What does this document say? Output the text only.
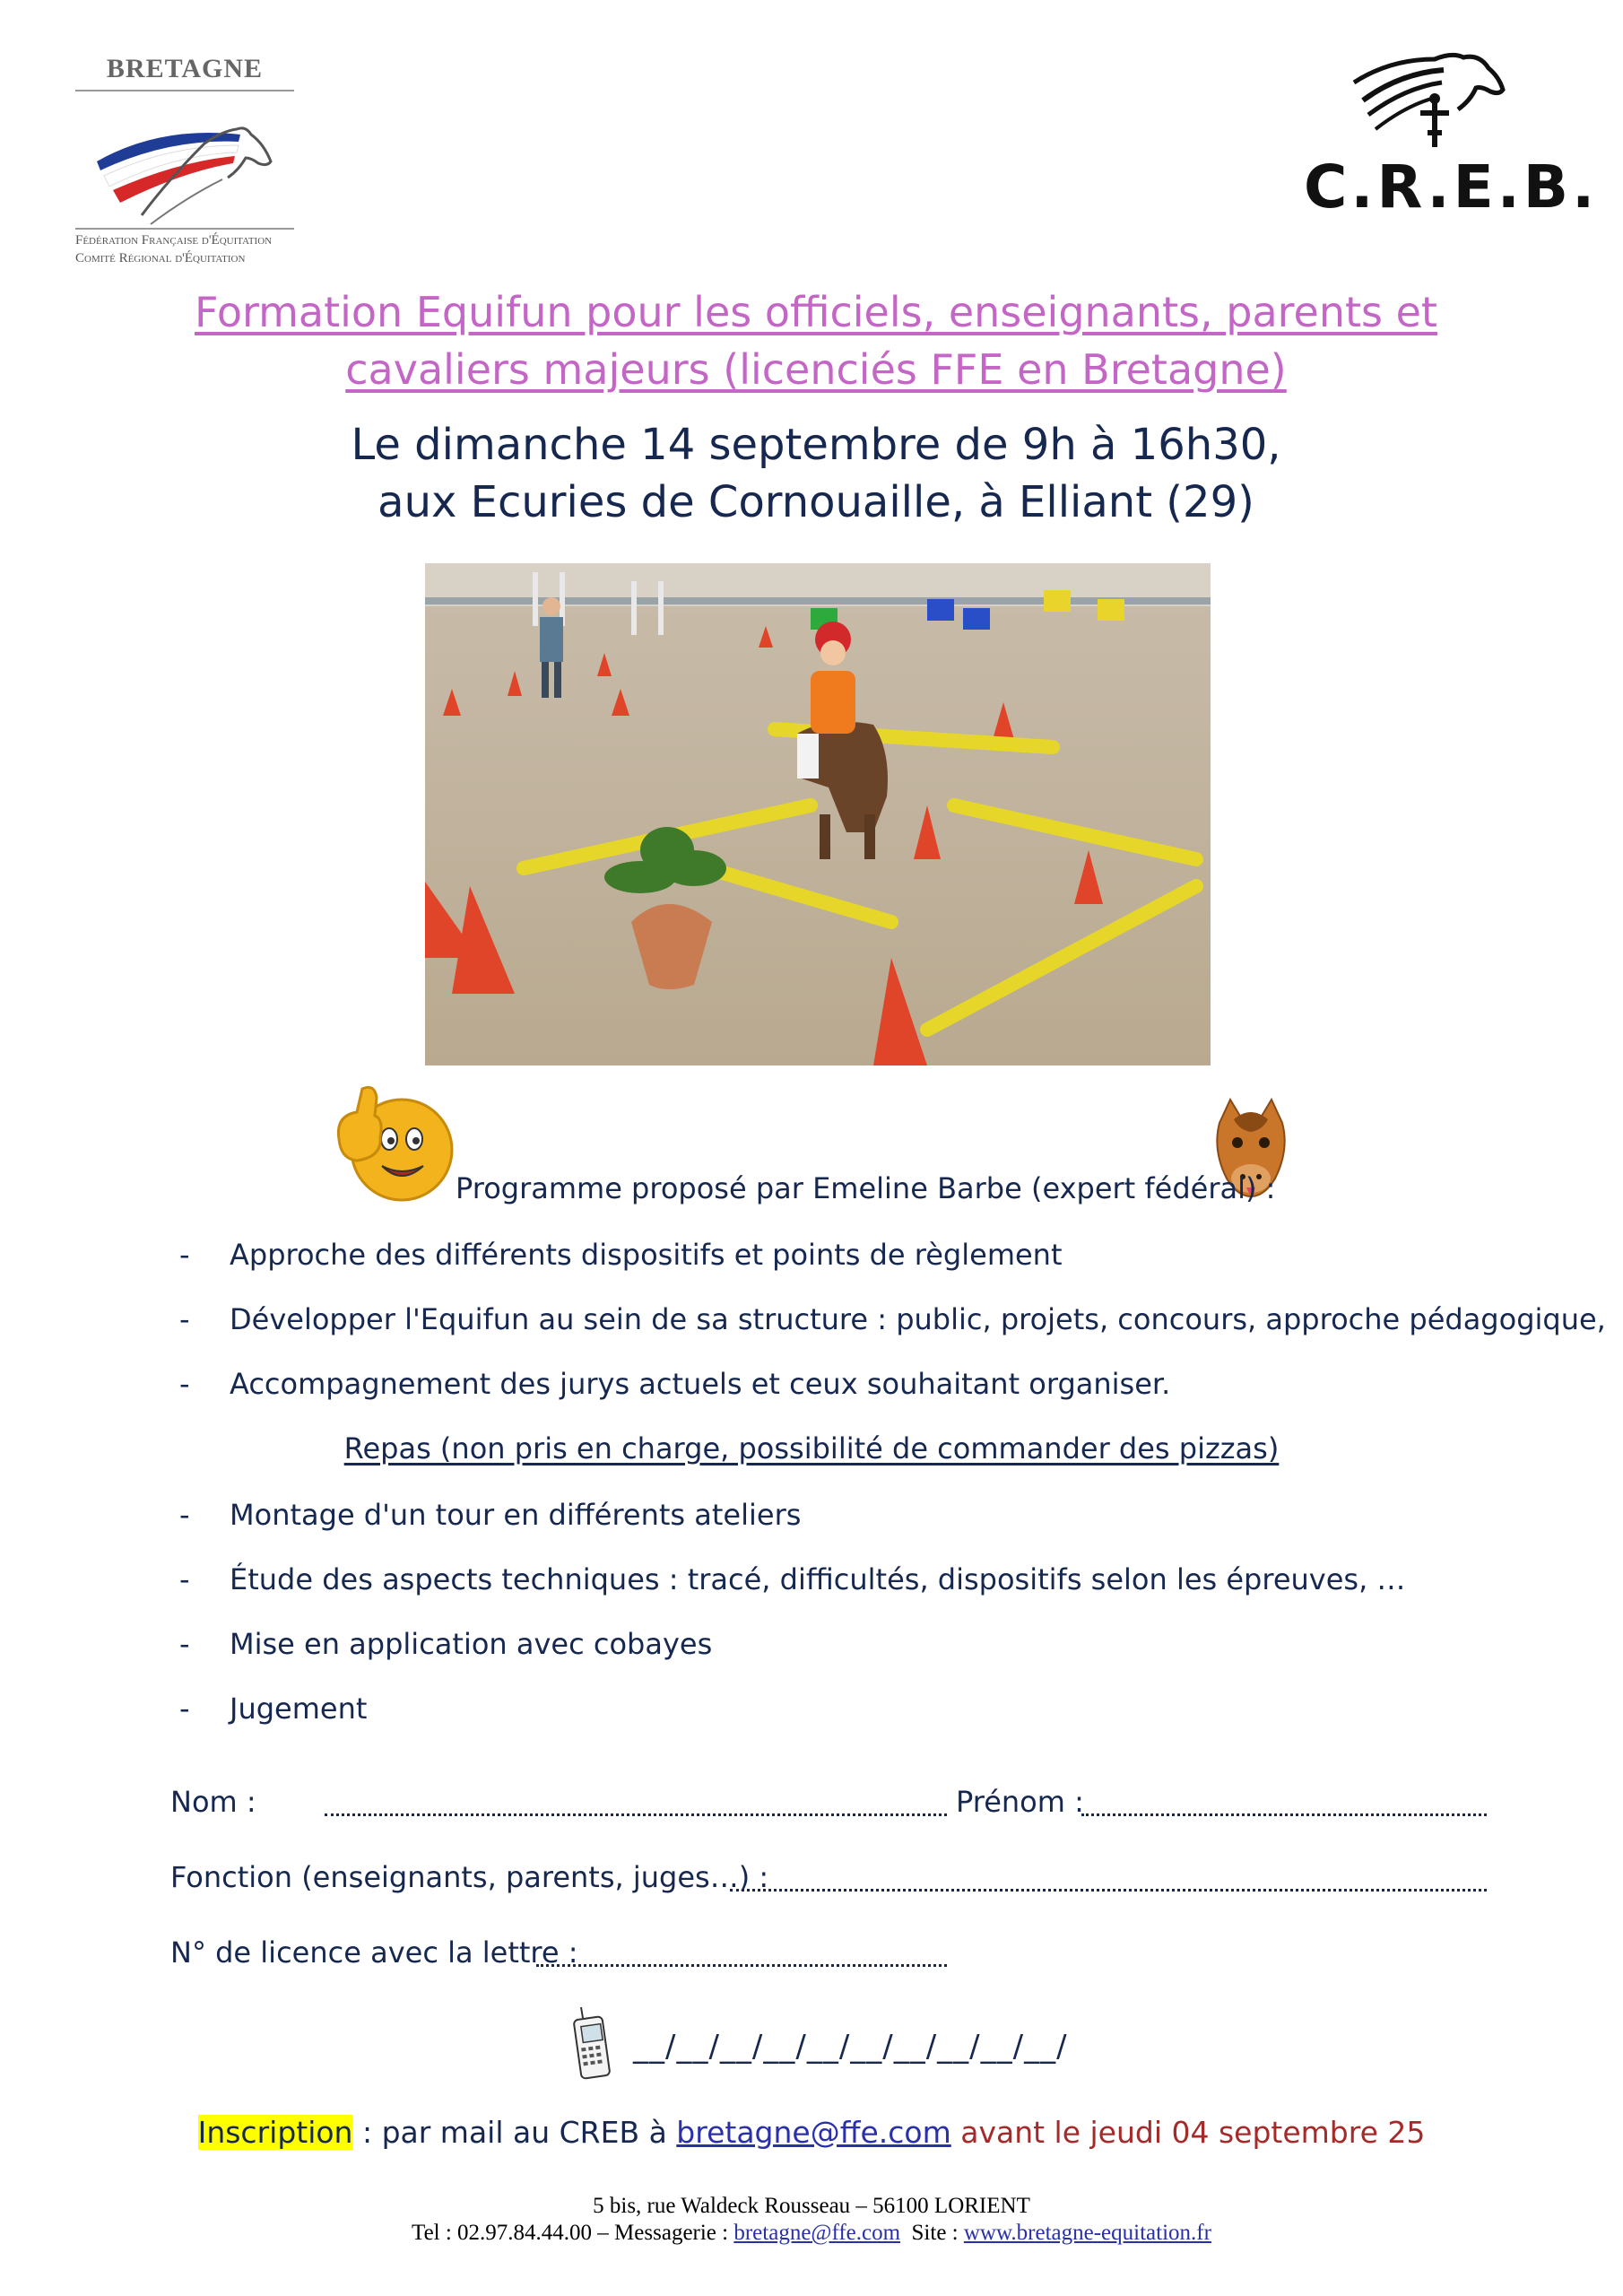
BRETAGNE
Fédération Française d'Équitation
Comité Régional d'Équitation
C.R.E.B.
Formation Equifun pour les officiels, enseignants, parents et
cavaliers majeurs (licenciés FFE en Bretagne)
Le dimanche 14 septembre de 9h à 16h30,
aux Ecuries de Cornouaille, à Elliant (29)
Programme proposé par Emeline Barbe (expert fédéral) :
- Approche des différents dispositifs et points de règlement
- Développer l'Equifun au sein de sa structure : public, projets, concours, approche pédagogique,
- Accompagnement des jurys actuels et ceux souhaitant organiser.
Repas (non pris en charge, possibilité de commander des pizzas)
- Montage d'un tour en différents ateliers
- Étude des aspects techniques : tracé, difficultés, dispositifs selon les épreuves, …
- Mise en application avec cobayes
- Jugement
Nom :	Prénom :
Fonction (enseignants, parents, juges…) :
N° de licence avec la lettre :
__/__/__/__/__/__/__/__/__/__/
Inscription : par mail au CREB à bretagne@ffe.com avant le jeudi 04 septembre 25
5 bis, rue Waldeck Rousseau – 56100 LORIENT
Tel : 02.97.84.44.00 – Messagerie : bretagne@ffe.com  Site : www.bretagne-equitation.fr
